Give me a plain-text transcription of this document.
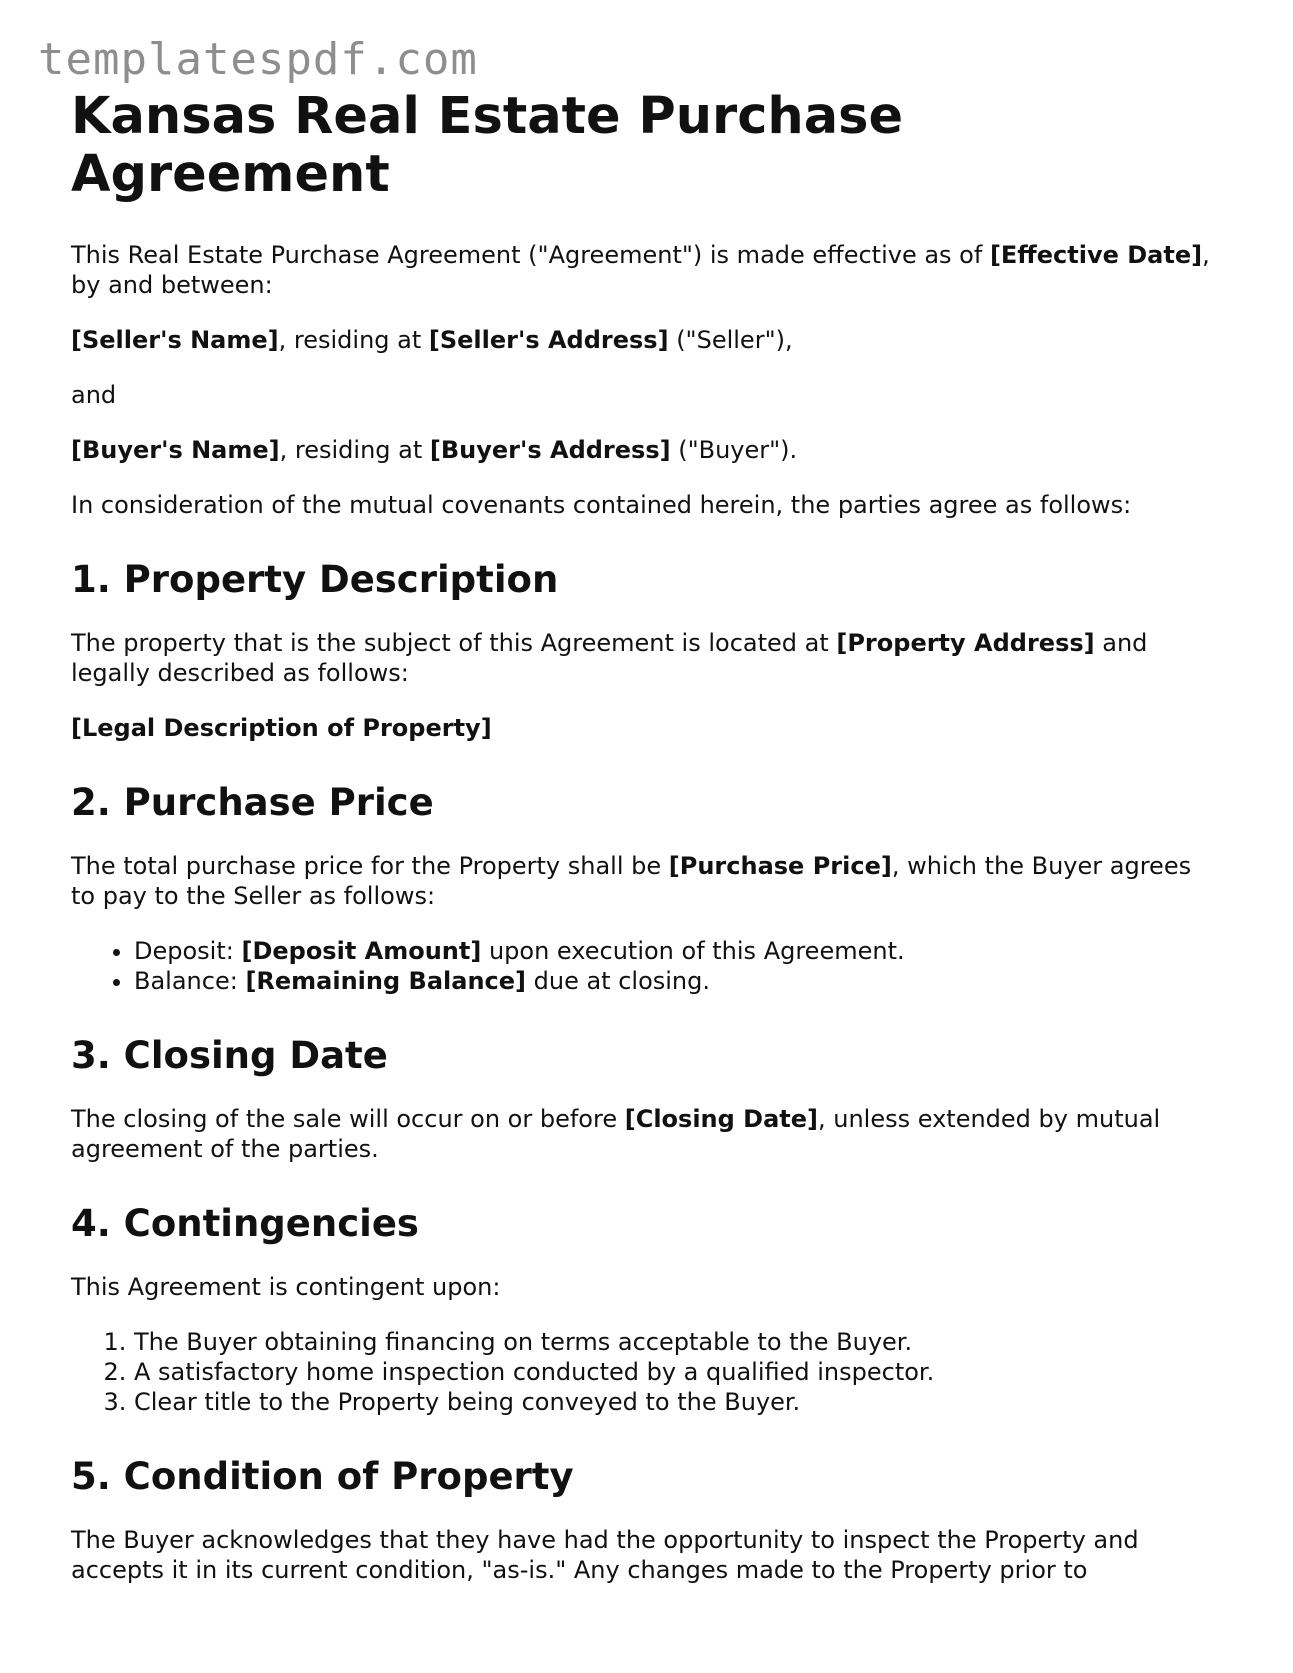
templatespdf.com
Kansas Real Estate Purchase Agreement

This Real Estate Purchase Agreement ("Agreement") is made effective as of [Effective Date], by and between:

[Seller's Name], residing at [Seller's Address] ("Seller"),

and

[Buyer's Name], residing at [Buyer's Address] ("Buyer").

In consideration of the mutual covenants contained herein, the parties agree as follows:

1. Property Description

The property that is the subject of this Agreement is located at [Property Address] and legally described as follows:

[Legal Description of Property]

2. Purchase Price

The total purchase price for the Property shall be [Purchase Price], which the Buyer agrees to pay to the Seller as follows:

• Deposit: [Deposit Amount] upon execution of this Agreement.
• Balance: [Remaining Balance] due at closing.
3. Closing Date

The closing of the sale will occur on or before [Closing Date], unless extended by mutual agreement of the parties.

4. Contingencies

This Agreement is contingent upon:

1. The Buyer obtaining financing on terms acceptable to the Buyer.
2. A satisfactory home inspection conducted by a qualified inspector.
3. Clear title to the Property being conveyed to the Buyer.
5. Condition of Property

The Buyer acknowledges that they have had the opportunity to inspect the Property and accepts it in its current condition, "as-is." Any changes made to the Property prior to
